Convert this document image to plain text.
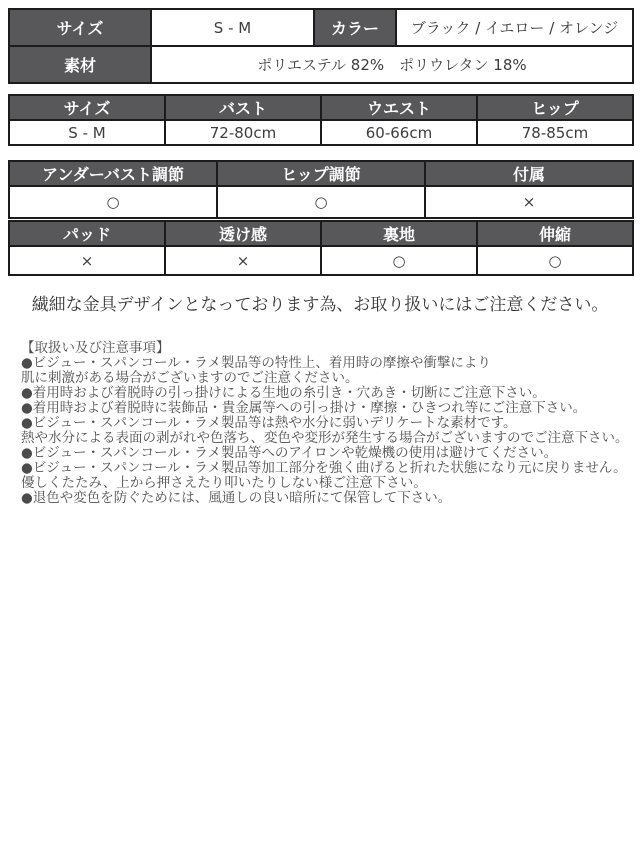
サイズ	S - M	カラー	ブラック / イエロー / オレンジ
素材	ポリエステル 82%　ポリウレタン 18%		
サイズ	バスト	ウエスト	ヒップ
S - M	72-80cm	60-66cm	78-85cm
アンダーバスト調節	ヒップ調節	付属
○	○	×
パッド	透け感	裏地	伸縮
×	×	○	○
繊細な金具デザインとなっております為、お取り扱いにはご注意ください。
【取扱い及び注意事項】
●ビジュー・スパンコール・ラメ製品等の特性上、着用時の摩擦や衝撃により
肌に刺激がある場合がございますのでご注意ください。
●着用時および着脱時の引っ掛けによる生地の糸引き・穴あき・切断にご注意下さい。
●着用時および着脱時に装飾品・貴金属等への引っ掛け・摩擦・ひきつれ等にご注意下さい。
●ビジュー・スパンコール・ラメ製品等は熱や水分に弱いデリケートな素材です。
熱や水分による表面の剥がれや色落ち、変色や変形が発生する場合がございますのでご注意下さい。
●ビジュー・スパンコール・ラメ製品等へのアイロンや乾燥機の使用は避けてください。
●ビジュー・スパンコール・ラメ製品等加工部分を強く曲げると折れた状態になり元に戻りません。
優しくたたみ、上から押さえたり叩いたりしない様ご注意下さい。
●退色や変色を防ぐためには、風通しの良い暗所にて保管して下さい。
